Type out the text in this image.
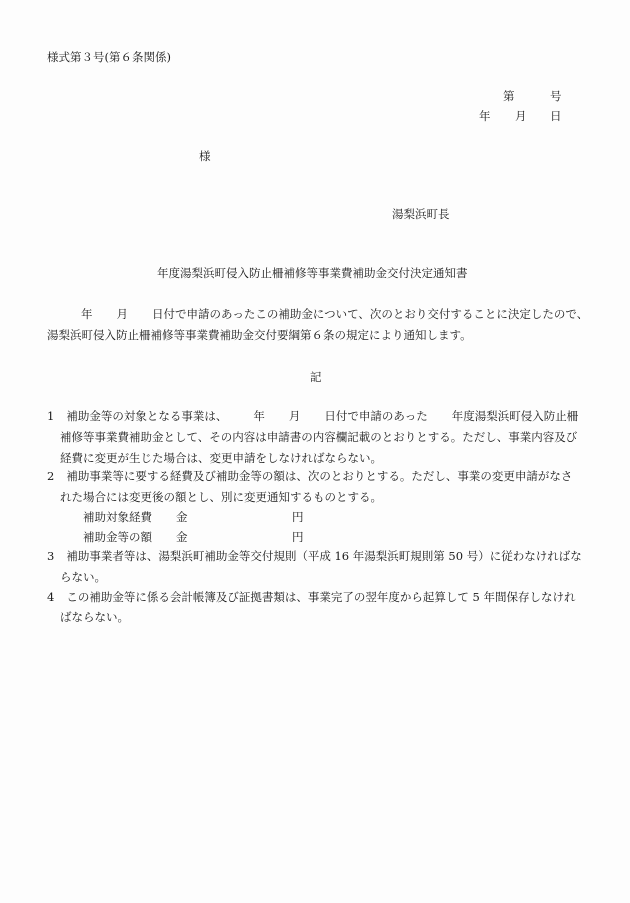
様式第３号(第６条関係)
第	号
年 月 日
様
湯梨浜町長
年度湯梨浜町侵入防止柵補修等事業費補助金交付決定通知書
年 月 日付で申請のあったこの補助金について、次のとおり交付することに決定したので、
湯梨浜町侵入防止柵補修等事業費補助金交付要綱第６条の規定により通知します。
記
1 補助金等の対象となる事業は、 年 月 日付で申請のあった 年度湯梨浜町侵入防止柵
補修等事業費補助金として、その内容は申請書の内容欄記載のとおりとする。ただし、事業内容及び
経費に変更が生じた場合は、変更申請をしなければならない。
2 補助事業等に要する経費及び補助金等の額は、次のとおりとする。ただし、事業の変更申請がなさ
れた場合には変更後の額とし、別に変更通知するものとする。
補助対象経費 金	円
補助金等の額 金	円
3 補助事業者等は、湯梨浜町補助金等交付規則（平成 16 年湯梨浜町規則第 50 号）に従わなければな
らない。
4 この補助金等に係る会計帳簿及び証拠書類は、事業完了の翌年度から起算して 5 年間保存しなけれ
ばならない。
